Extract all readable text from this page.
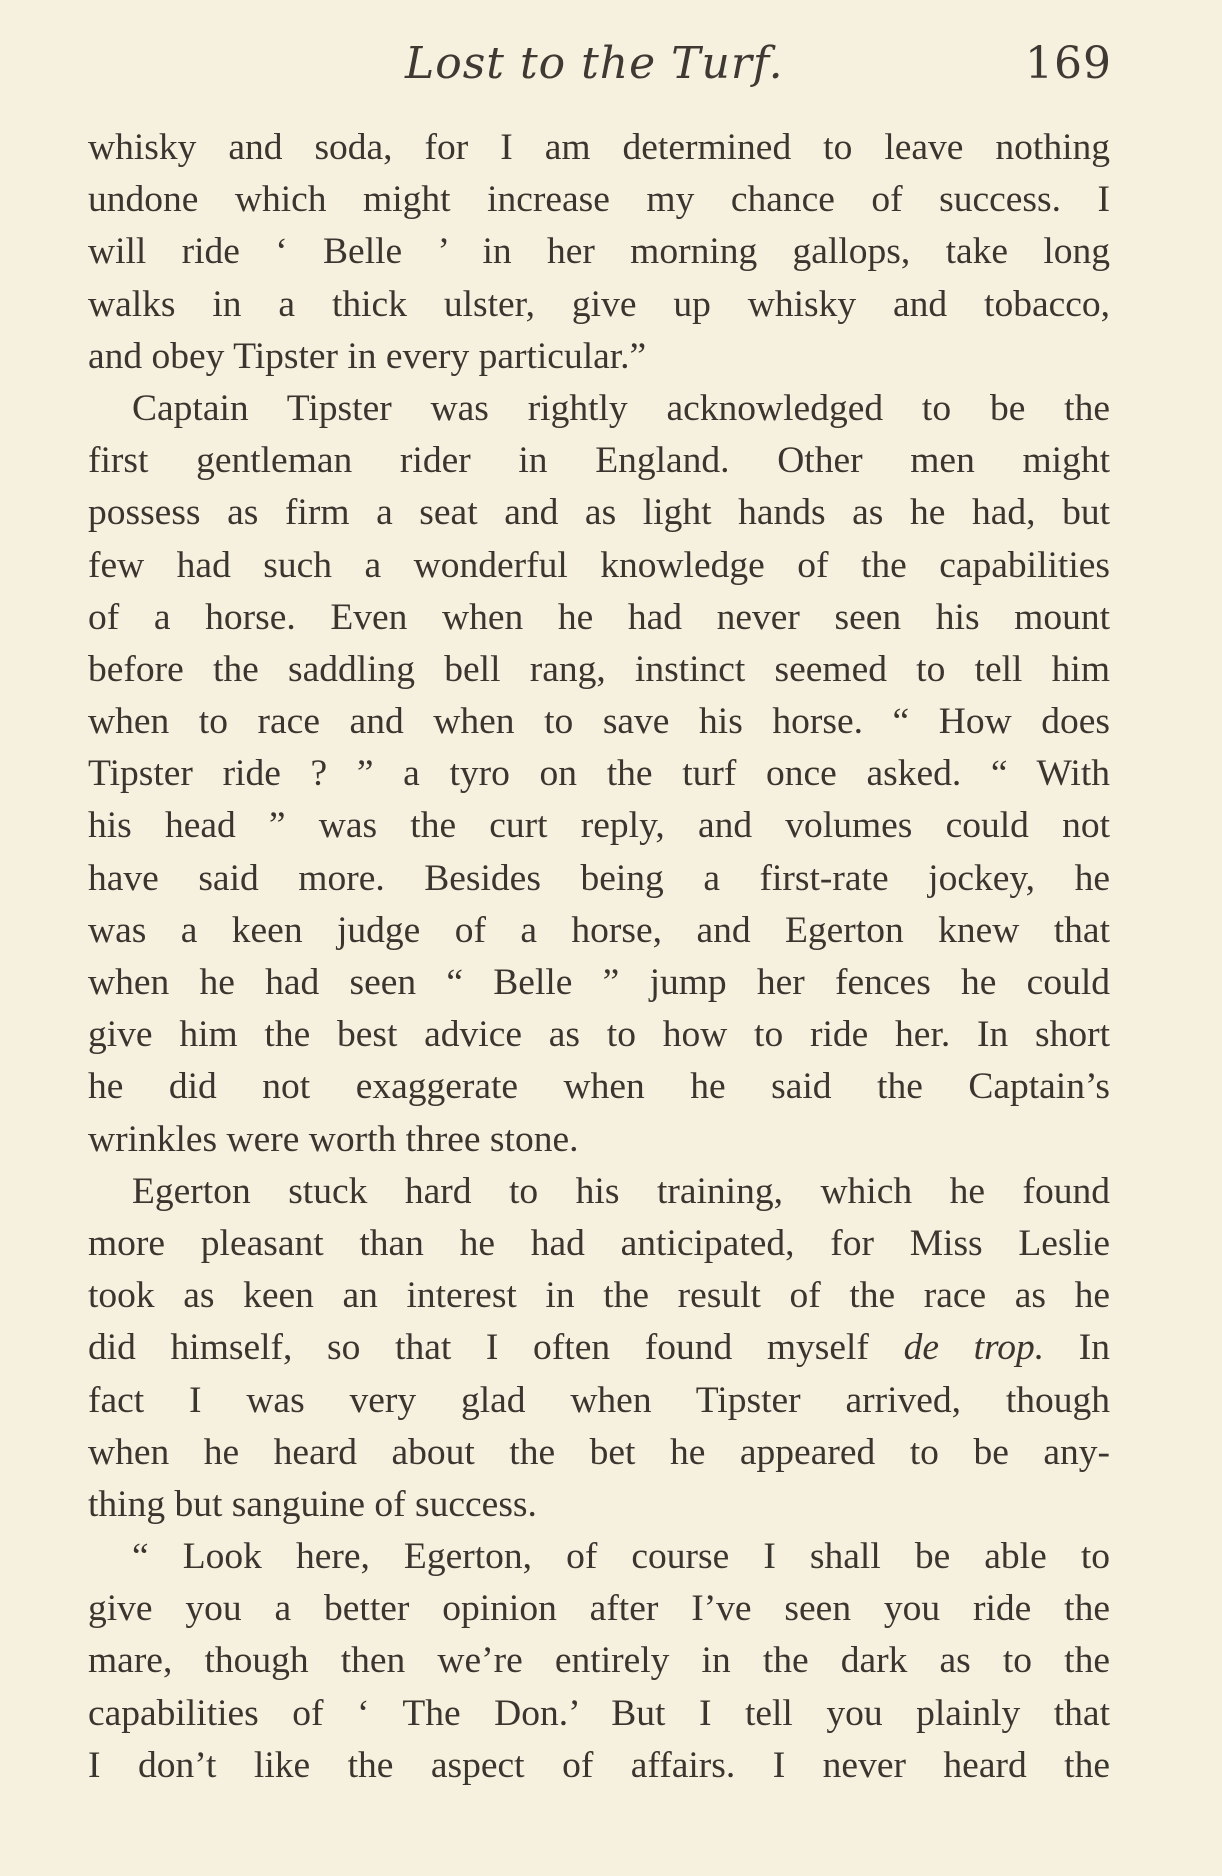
Lost to the Turf.	169
whisky and soda, for I am determined to leave nothing
undone which might increase my chance of success. I
will ride ‘ Belle ’ in her morning gallops, take long
walks in a thick ulster, give up whisky and tobacco,
and obey Tipster in every particular.”
Captain Tipster was rightly acknowledged to be the
first gentleman rider in England. Other men might
possess as firm a seat and as light hands as he had, but
few had such a wonderful knowledge of the capabilities
of a horse. Even when he had never seen his mount
before the saddling bell rang, instinct seemed to tell him
when to race and when to save his horse. “ How does
Tipster ride ? ” a tyro on the turf once asked. “ With
his head ” was the curt reply, and volumes could not
have said more. Besides being a first-rate jockey, he
was a keen judge of a horse, and Egerton knew that
when he had seen “ Belle ” jump her fences he could
give him the best advice as to how to ride her. In short
he did not exaggerate when he said the Captain’s
wrinkles were worth three stone.
Egerton stuck hard to his training, which he found
more pleasant than he had anticipated, for Miss Leslie
took as keen an interest in the result of the race as he
did himself, so that I often found myself de trop. In
fact I was very glad when Tipster arrived, though
when he heard about the bet he appeared to be any-
thing but sanguine of success.
“ Look here, Egerton, of course I shall be able to
give you a better opinion after I’ve seen you ride the
mare, though then we’re entirely in the dark as to the
capabilities of ‘ The Don.’ But I tell you plainly that
I don’t like the aspect of affairs. I never heard the
